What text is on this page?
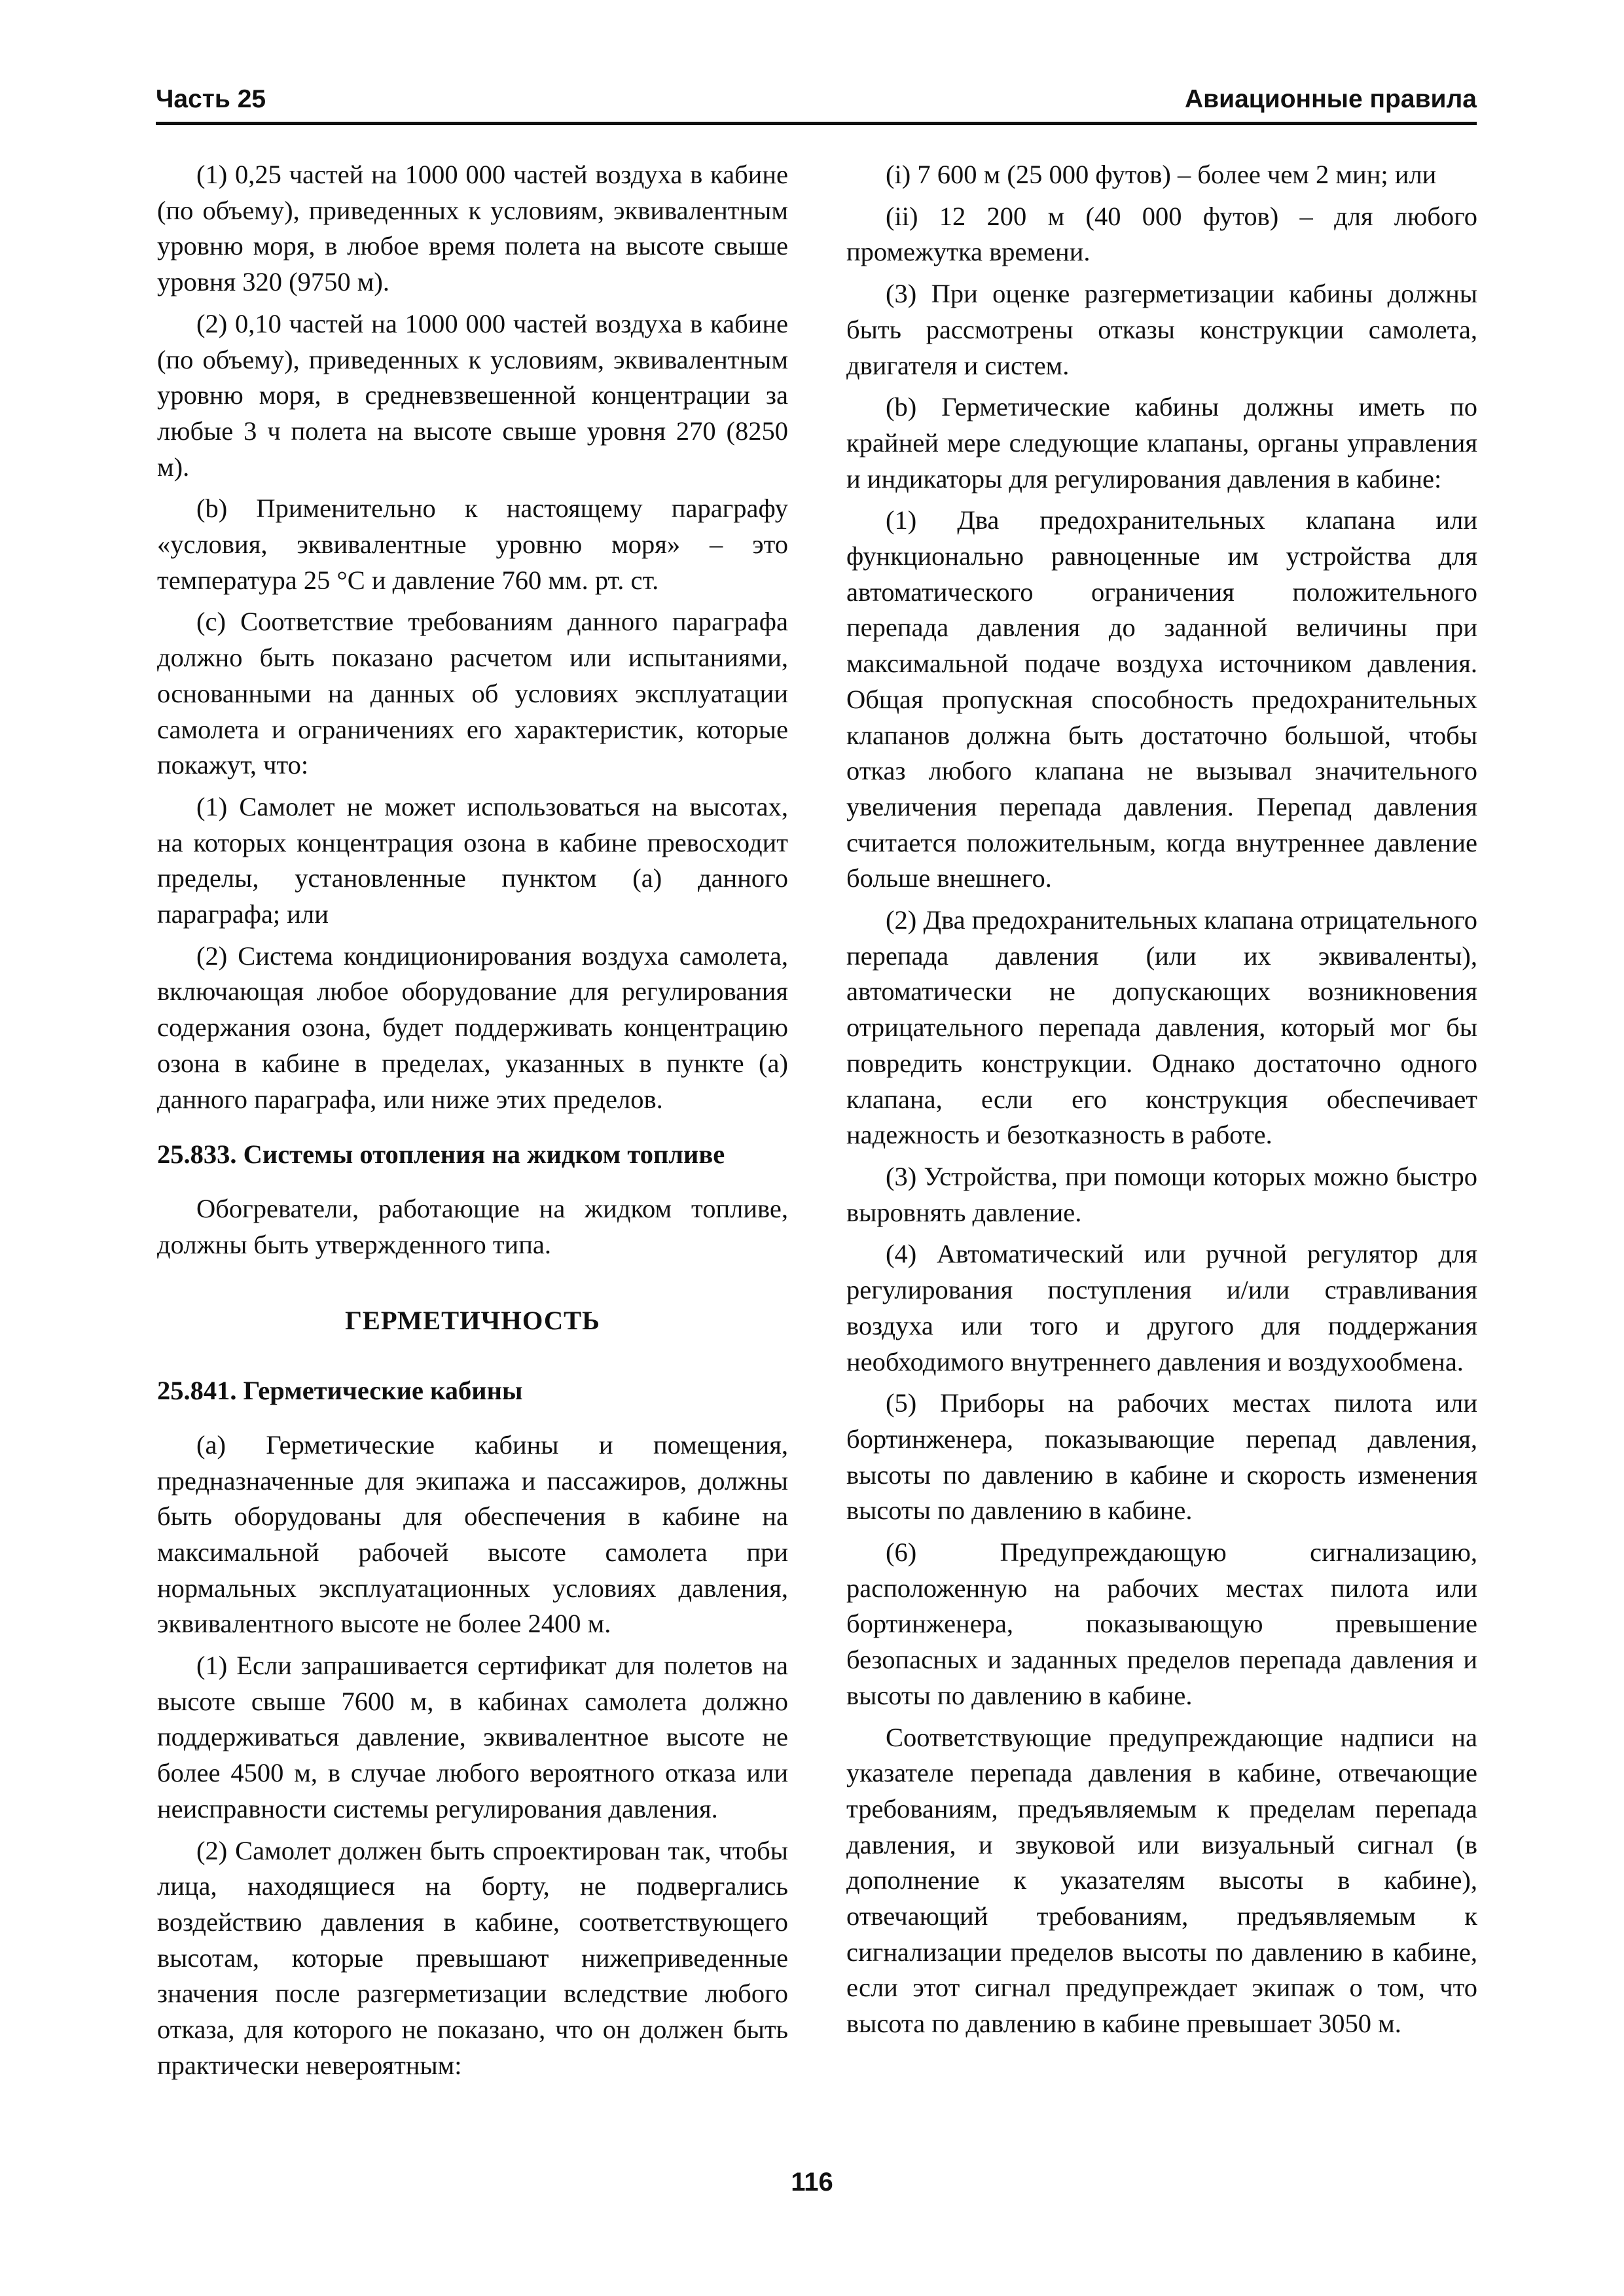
Часть 25	Авиационные правила

(1) 0,25 частей на 1000 000 частей воздуха в кабине (по объему), приведенных к условиям, эквивалентным уровню моря, в любое время полета на высоте свыше уровня 320 (9750 м).

(2) 0,10 частей на 1000 000 частей воздуха в кабине (по объему), приведенных к условиям, эквивалентным уровню моря, в средневзвешенной концентрации за любые 3 ч полета на высоте свыше уровня 270 (8250 м).

(b) Применительно к настоящему параграфу «условия, эквивалентные уровню моря» – это температура 25 °C и давление 760 мм. рт. ст.

(c) Соответствие требованиям данного параграфа должно быть показано расчетом или испытаниями, основанными на данных об условиях эксплуатации самолета и ограничениях его характеристик, которые покажут, что:

(1) Самолет не может использоваться на высотах, на которых концентрация озона в кабине превосходит пределы, установленные пунктом (a) данного параграфа; или

(2) Система кондиционирования воздуха самолета, включающая любое оборудование для регулирования содержания озона, будет поддерживать концентрацию озона в кабине в пределах, указанных в пункте (a) данного параграфа, или ниже этих пределов.

25.833. Системы отопления на жидком топливе

Обогреватели, работающие на жидком топливе, должны быть утвержденного типа.

ГЕРМЕТИЧНОСТЬ

25.841. Герметические кабины

(a) Герметические кабины и помещения, предназначенные для экипажа и пассажиров, должны быть оборудованы для обеспечения в кабине на максимальной рабочей высоте самолета при нормальных эксплуатационных условиях давления, эквивалентного высоте не более 2400 м.

(1) Если запрашивается сертификат для полетов на высоте свыше 7600 м, в кабинах самолета должно поддерживаться давление, эквивалентное высоте не более 4500 м, в случае любого вероятного отказа или неисправности системы регулирования давления.

(2) Самолет должен быть спроектирован так, чтобы лица, находящиеся на борту, не подвергались воздействию давления в кабине, соответствующего высотам, которые превышают нижеприведенные значения после разгерметизации вследствие любого отказа, для которого не показано, что он должен быть практически невероятным:

(i) 7 600 м (25 000 футов) – более чем 2 мин; или

(ii) 12 200 м (40 000 футов) – для любого промежутка времени.

(3) При оценке разгерметизации кабины должны быть рассмотрены отказы конструкции самолета, двигателя и систем.

(b) Герметические кабины должны иметь по крайней мере следующие клапаны, органы управления и индикаторы для регулирования давления в кабине:

(1) Два предохранительных клапана или функционально равноценные им устройства для автоматического ограничения положительного перепада давления до заданной величины при максимальной подаче воздуха источником давления. Общая пропускная способность предохранительных клапанов должна быть достаточно большой, чтобы отказ любого клапана не вызывал значительного увеличения перепада давления. Перепад давления считается положительным, когда внутреннее давление больше внешнего.

(2) Два предохранительных клапана отрицательного перепада давления (или их эквиваленты), автоматически не допускающих возникновения отрицательного перепада давления, который мог бы повредить конструкции. Однако достаточно одного клапана, если его конструкция обеспечивает надежность и безотказность в работе.

(3) Устройства, при помощи которых можно быстро выровнять давление.

(4) Автоматический или ручной регулятор для регулирования поступления и/или стравливания воздуха или того и другого для поддержания необходимого внутреннего давления и воздухообмена.

(5) Приборы на рабочих местах пилота или бортинженера, показывающие перепад давления, высоты по давлению в кабине и скорость изменения высоты по давлению в кабине.

(6) Предупреждающую сигнализацию, расположенную на рабочих местах пилота или бортинженера, показывающую превышение безопасных и заданных пределов перепада давления и высоты по давлению в кабине.

Соответствующие предупреждающие надписи на указателе перепада давления в кабине, отвечающие требованиям, предъявляемым к пределам перепада давления, и звуковой или визуальный сигнал (в дополнение к указателям высоты в кабине), отвечающий требованиям, предъявляемым к сигнализации пределов высоты по давлению в кабине, если этот сигнал предупреждает экипаж о том, что высота по давлению в кабине превышает 3050 м.

116
